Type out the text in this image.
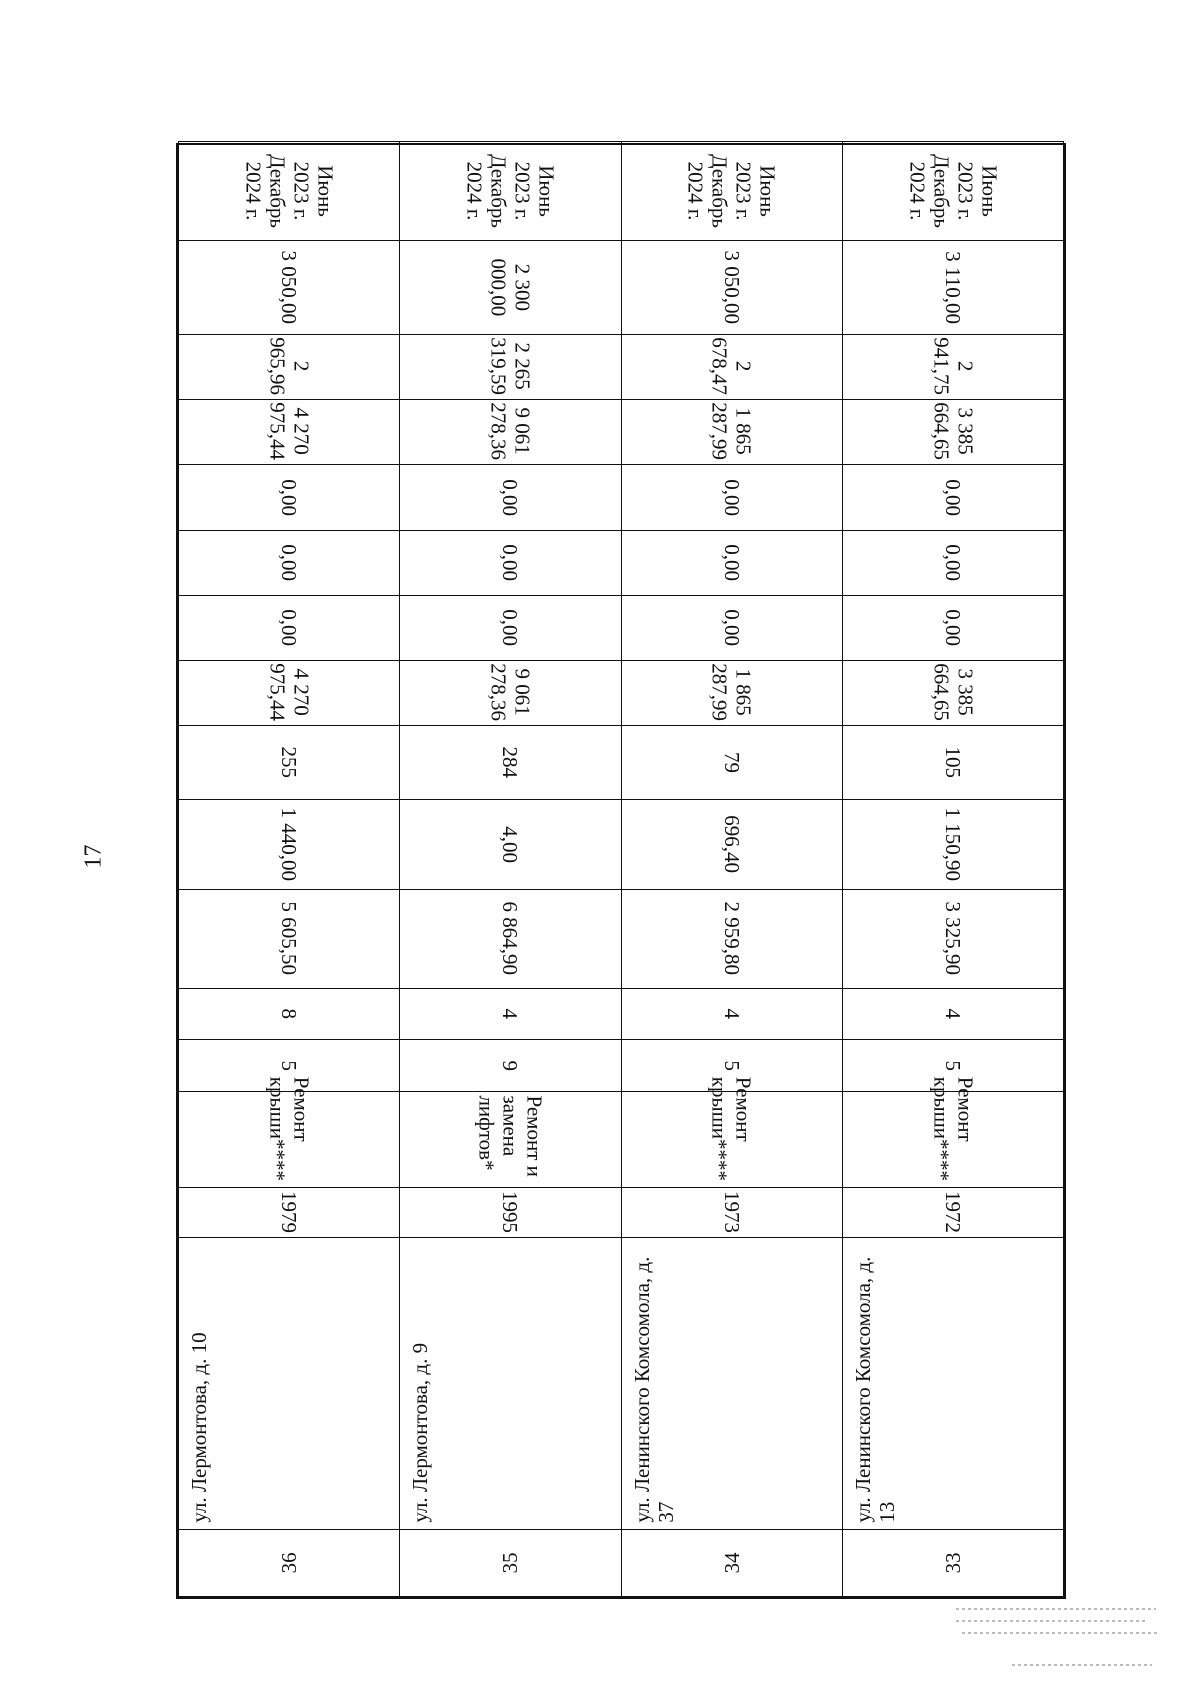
17
36	ул. Лермонтова, д. 10	1979	Ремонт крыши****	5	8	5 605,50	1 440,00	255	4 270 975,44	0,00	0,00	0,00	4 270 975,44	2 965,96	3 050,00	Июнь 2023 г.
Декабрь 2024 г.
35	ул. Лермонтова, д. 9	1995	Ремонт и замена лифтов*	9	4	6 864,90	4,00	284	9 061 278,36	0,00	0,00	0,00	9 061 278,36	2 265 319,59	2 300 000,00	Июнь 2023 г.
Декабрь 2024 г.
34	ул. Ленинского Комсомола, д. 37	1973	Ремонт крыши****	5	4	2 959,80	696,40	79	1 865 287,99	0,00	0,00	0,00	1 865 287,99	2 678,47	3 050,00	Июнь 2023 г.
Декабрь 2024 г.
33	ул. Ленинского Комсомола, д. 13	1972	Ремонт крыши****	5	4	3 325,90	1 150,90	105	3 385 664,65	0,00	0,00	0,00	3 385 664,65	2 941,75	3 110,00	Июнь 2023 г.
Декабрь 2024 г.
